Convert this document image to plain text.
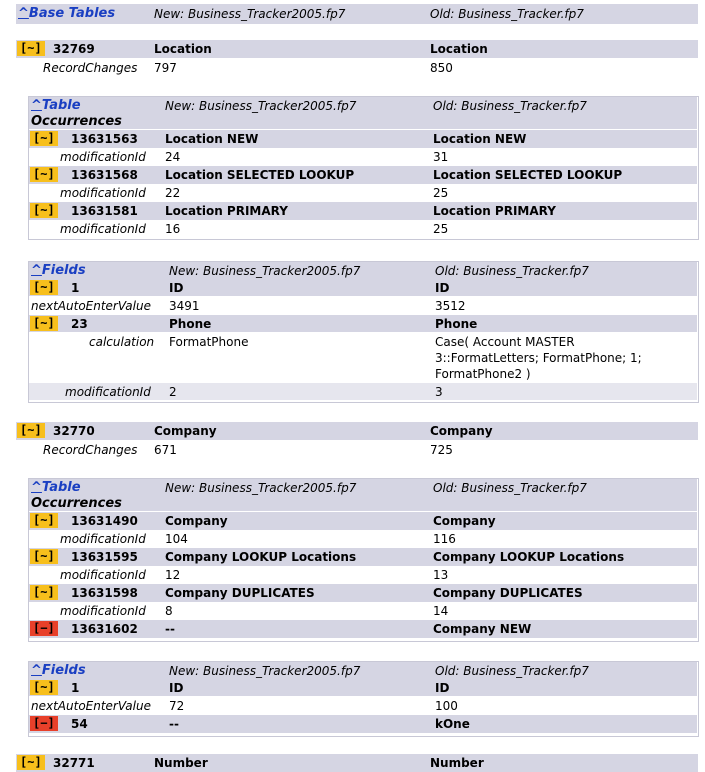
^Base Tables	New: Business_Tracker2005.fp7	Old: Business_Tracker.fp7
[~] 32769	Location	Location
RecordChanges 797	850
^Table
Occurrences
New: Business_Tracker2005.fp7	Old: Business_Tracker.fp7
[~] 13631563 Location NEW	Location NEW
modificationId 24	31
[~] 13631568 Location SELECTED LOOKUP	Location SELECTED LOOKUP
modificationId 22	25
[~] 13631581 Location PRIMARY	Location PRIMARY
modificationId 16	25
^Fields	New: Business_Tracker2005.fp7	Old: Business_Tracker.fp7
[~] 1	ID	ID
nextAutoEnterValue 3491	3512
[~] 23	Phone	Phone
calculation FormatPhone	Case( Account MASTER
3::FormatLetters; FormatPhone; 1;
FormatPhone2 )
modificationId 2	3
[~] 32770	Company	Company
RecordChanges 671	725
^Table
Occurrences
New: Business_Tracker2005.fp7	Old: Business_Tracker.fp7
[~] 13631490 Company	Company
modificationId 104	116
[~] 13631595 Company LOOKUP Locations	Company LOOKUP Locations
modificationId 12	13
[~] 13631598 Company DUPLICATES	Company DUPLICATES
modificationId 8	14
[−] 13631602 --	Company NEW
^Fields	New: Business_Tracker2005.fp7	Old: Business_Tracker.fp7
[~] 1	ID	ID
nextAutoEnterValue 72	100
[−] 54	--	kOne
[~] 32771	Number	Number
